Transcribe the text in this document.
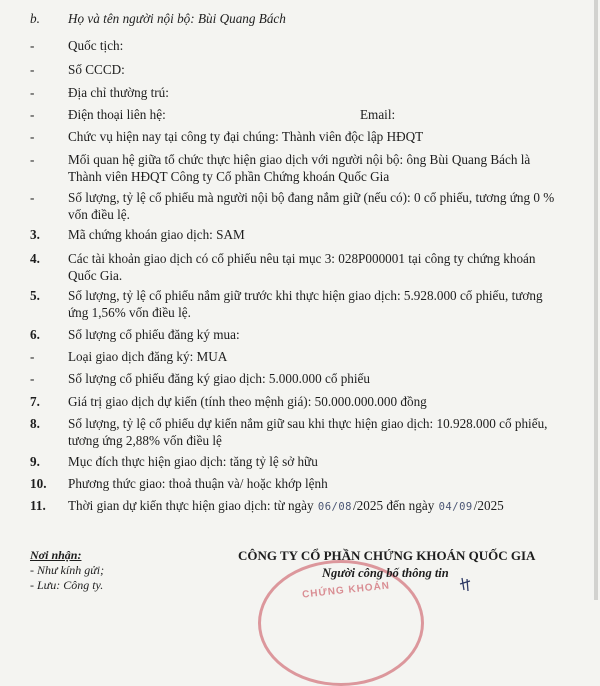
b. Họ và tên người nội bộ: Bùi Quang Bách
-	Quốc tịch:
-	Số CCCD:
-	Địa chỉ thường trú:
-	Điện thoại liên hệ:	Email:
-	Chức vụ hiện nay tại công ty đại chúng: Thành viên độc lập HĐQT
-	Mối quan hệ giữa tổ chức thực hiện giao dịch với người nội bộ: ông Bùi Quang Bách là Thành viên HĐQT Công ty Cổ phần Chứng khoán Quốc Gia
-	Số lượng, tỷ lệ cổ phiếu mà người nội bộ đang nắm giữ (nếu có): 0 cổ phiếu, tương ứng 0 % vốn điều lệ.
3. Mã chứng khoán giao dịch: SAM
4.	Các tài khoản giao dịch có cổ phiếu nêu tại mục 3: 028P000001 tại công ty chứng khoán Quốc Gia.
5.	Số lượng, tỷ lệ cổ phiếu nắm giữ trước khi thực hiện giao dịch: 5.928.000 cổ phiếu, tương ứng 1,56% vốn điều lệ.
6. Số lượng cổ phiếu đăng ký mua:
-	Loại giao dịch đăng ký: MUA
-	Số lượng cổ phiếu đăng ký giao dịch: 5.000.000 cổ phiếu
7. Giá trị giao dịch dự kiến (tính theo mệnh giá): 50.000.000.000 đồng
8.	Số lượng, tỷ lệ cổ phiếu dự kiến nắm giữ sau khi thực hiện giao dịch: 10.928.000 cổ phiếu, tương ứng 2,88% vốn điều lệ
9. Mục đích thực hiện giao dịch: tăng tỷ lệ sở hữu
10. Phương thức giao: thoả thuận và/ hoặc khớp lệnh
11. Thời gian dự kiến thực hiện giao dịch: từ ngày 06/08/2025 đến ngày 04/09/2025
Nơi nhận:
- Như kính gửi;
- Lưu: Công ty.	CHỨNG KHOÁN
CÔNG TY CỔ PHẦN CHỨNG KHOÁN QUỐC GIA
Người công bố thông tin
